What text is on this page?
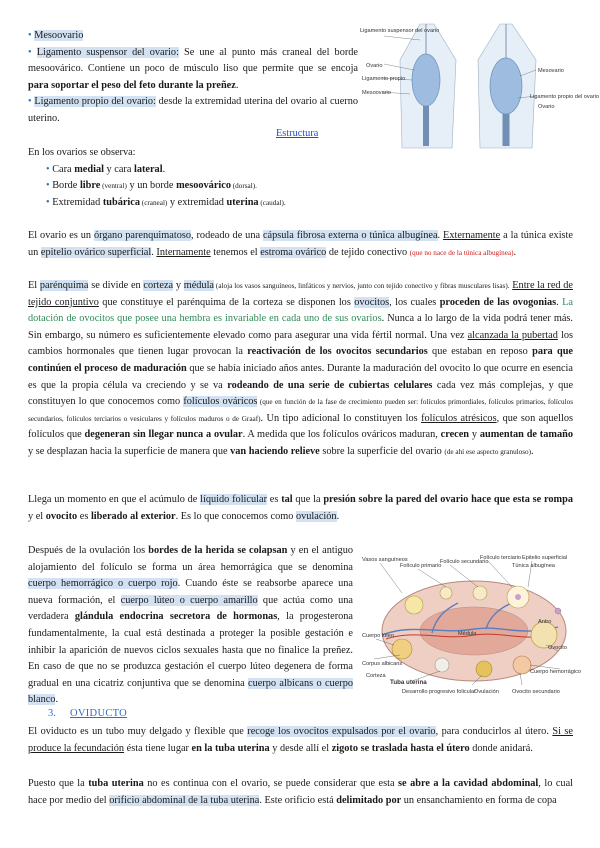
• Mesoovario

• Ligamento suspensor del ovario: Se une al punto más craneal del borde mesoovárico. Contiene un poco de músculo liso que permite que se encoja para soportar el peso del feto durante la preñez.

• Ligamento propio del ovario: desde la extremidad uterina del ovario al cuerno uterino.

Ligamento suspensor del ovario
Ovario
Ligamento propio
Mesoovario
Mesovario
Ligamento propio del ovario
Ovario
Estructura

En los ovarios se observa:

• Cara medial y cara lateral.

• Borde libre (ventral) y un borde mesoovárico (dorsal).

• Extremidad tubárica (craneal) y extremidad uterina (caudal).

El ovario es un órgano parenquimatoso, rodeado de una cápsula fibrosa externa o túnica albugínea. Externamente a la túnica existe un epitelio ovárico superficial. Internamente tenemos el estroma ovárico de tejido conectivo (que no nace de la túnica albugínea).

El parénquima se divide en corteza y médula (aloja los vasos sanguíneos, linfáticos y nervios, junto con tejido conectivo y fibras musculares lisas). Entre la red de tejido conjuntivo que constituye el parénquima de la corteza se disponen los ovocitos, los cuales proceden de las ovogonias. La dotación de ovocitos que posee una hembra es invariable en cada uno de sus ovarios. Nunca a lo largo de la vida podrá tener más. Sin embargo, su número es suficientemente elevado como para asegurar una vida fértil normal. Una vez alcanzada la pubertad los cambios hormonales que tienen lugar provocan la reactivación de los ovocitos secundarios que estaban en reposo para que continúen el proceso de maduración que se había iniciado años antes. Durante la maduración del ovocito lo que ocurre en esencia es que la propia célula va creciendo y se va rodeando de una serie de cubiertas celulares cada vez más complejas, y que constituyen lo que conocemos como folículos ováricos (que en función de la fase de crecimiento pueden ser: folículos primordiales, folículos primarios, folículos secundarios, folículos terciarios o vesiculares y folículos maduros o de Graaf). Un tipo adicional lo constituyen los folículos atrésicos, que son aquellos folículos que degeneran sin llegar nunca a ovular. A medida que los folículos ováricos maduran, crecen y aumentan de tamaño y se desplazan hacia la superficie de manera que van haciendo relieve sobre la superficie del ovario (de ahí ese aspecto granuloso).

Llega un momento en que el acúmulo de líquido folicular es tal que la presión sobre la pared del ovario hace que esta se rompa y el ovocito es liberado al exterior. Es lo que conocemos como ovulación.

Después de la ovulación los bordes de la herida se colapsan y en el antiguo alojamiento del folículo se forma un área hemorrágica que se denomina cuerpo hemorrágico o cuerpo rojo. Cuando éste se reabsorbe aparece una nueva formación, el cuerpo lúteo o cuerpo amarillo que actúa como una verdadera glándula endocrina secretora de hormonas, la progesterona fundamentalmente, la cual está destinada a proteger la posible gestación e inhibir la aparición de nuevos ciclos sexuales hasta que no finalice la preñez. En caso de que no se produzca gestación el cuerpo lúteo degenera de forma gradual en una cicatriz conjuntiva que se denomina cuerpo albicans o cuerpo blanco.

Vasos sanguíneos
Folículo primario
Folículo secundario
Folículo terciario Epitelio superficial
Túnica albugínea
Cuerpo lúteo
Corpus albicans
Ovocito
Médula
Antro
Cuerpo hemorrágico
Corteza
Desarrollo progresivo folicular
Tuba uterina
Ovulación Ovocito secundario
3. OVIDUCTO

El oviducto es un tubo muy delgado y flexible que recoge los ovocitos expulsados por el ovario, para conducirlos al útero. Si se produce la fecundación ésta tiene lugar en la tuba uterina y desde allí el zigoto se traslada hasta el útero donde anidará.

Puesto que la tuba uterina no es continua con el ovario, se puede considerar que esta se abre a la cavidad abdominal, lo cual hace por medio del orificio abdominal de la tuba uterina. Este orificio está delimitado por un ensanchamiento en forma de copa
